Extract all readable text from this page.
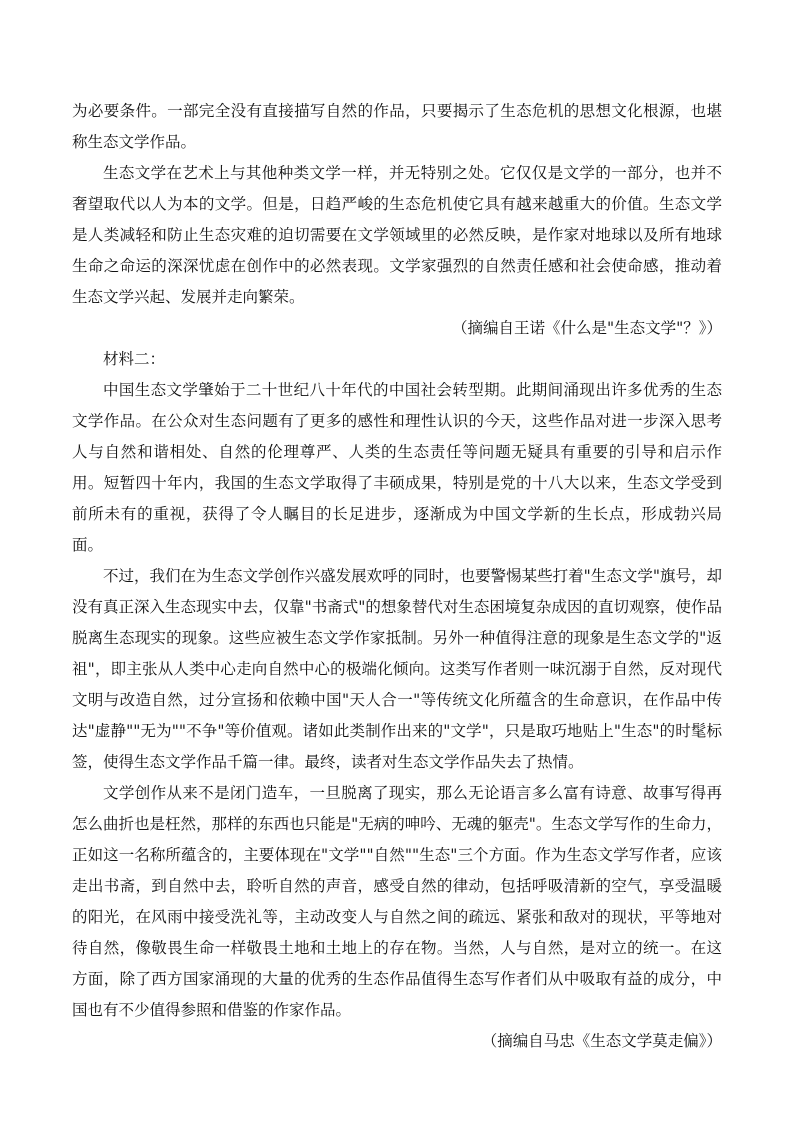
为必要条件。一部完全没有直接描写自然的作品，只要揭示了生态危机的思想文化根源，也堪称生态文学作品。

生态文学在艺术上与其他种类文学一样，并无特别之处。它仅仅是文学的一部分，也并不奢望取代以人为本的文学。但是，日趋严峻的生态危机使它具有越来越重大的价值。生态文学是人类减轻和防止生态灾难的迫切需要在文学领域里的必然反映，是作家对地球以及所有地球生命之命运的深深忧虑在创作中的必然表现。文学家强烈的自然责任感和社会使命感，推动着生态文学兴起、发展并走向繁荣。

（摘编自王诺《什么是"生态文学"？》）

材料二：

中国生态文学肇始于二十世纪八十年代的中国社会转型期。此期间涌现出许多优秀的生态文学作品。在公众对生态问题有了更多的感性和理性认识的今天，这些作品对进一步深入思考人与自然和谐相处、自然的伦理尊严、人类的生态责任等问题无疑具有重要的引导和启示作用。短暂四十年内，我国的生态文学取得了丰硕成果，特别是党的十八大以来，生态文学受到前所未有的重视，获得了令人瞩目的长足进步，逐渐成为中国文学新的生长点，形成勃兴局面。

不过，我们在为生态文学创作兴盛发展欢呼的同时，也要警惕某些打着"生态文学"旗号，却没有真正深入生态现实中去，仅靠"书斋式"的想象替代对生态困境复杂成因的直切观察，使作品脱离生态现实的现象。这些应被生态文学作家抵制。另外一种值得注意的现象是生态文学的"返祖"，即主张从人类中心走向自然中心的极端化倾向。这类写作者则一味沉溺于自然，反对现代文明与改造自然，过分宣扬和依赖中国"天人合一"等传统文化所蕴含的生命意识，在作品中传达"虚静""无为""不争"等价值观。诸如此类制作出来的"文学"，只是取巧地贴上"生态"的时髦标签，使得生态文学作品千篇一律。最终，读者对生态文学作品失去了热情。

文学创作从来不是闭门造车，一旦脱离了现实，那么无论语言多么富有诗意、故事写得再怎么曲折也是枉然，那样的东西也只能是"无病的呻吟、无魂的躯壳"。生态文学写作的生命力，正如这一名称所蕴含的，主要体现在"文学""自然""生态"三个方面。作为生态文学写作者，应该走出书斋，到自然中去，聆听自然的声音，感受自然的律动，包括呼吸清新的空气，享受温暖的阳光，在风雨中接受洗礼等，主动改变人与自然之间的疏远、紧张和敌对的现状，平等地对待自然，像敬畏生命一样敬畏土地和土地上的存在物。当然，人与自然，是对立的统一。在这方面，除了西方国家涌现的大量的优秀的生态作品值得生态写作者们从中吸取有益的成分，中国也有不少值得参照和借鉴的作家作品。

（摘编自马忠《生态文学莫走偏》）
